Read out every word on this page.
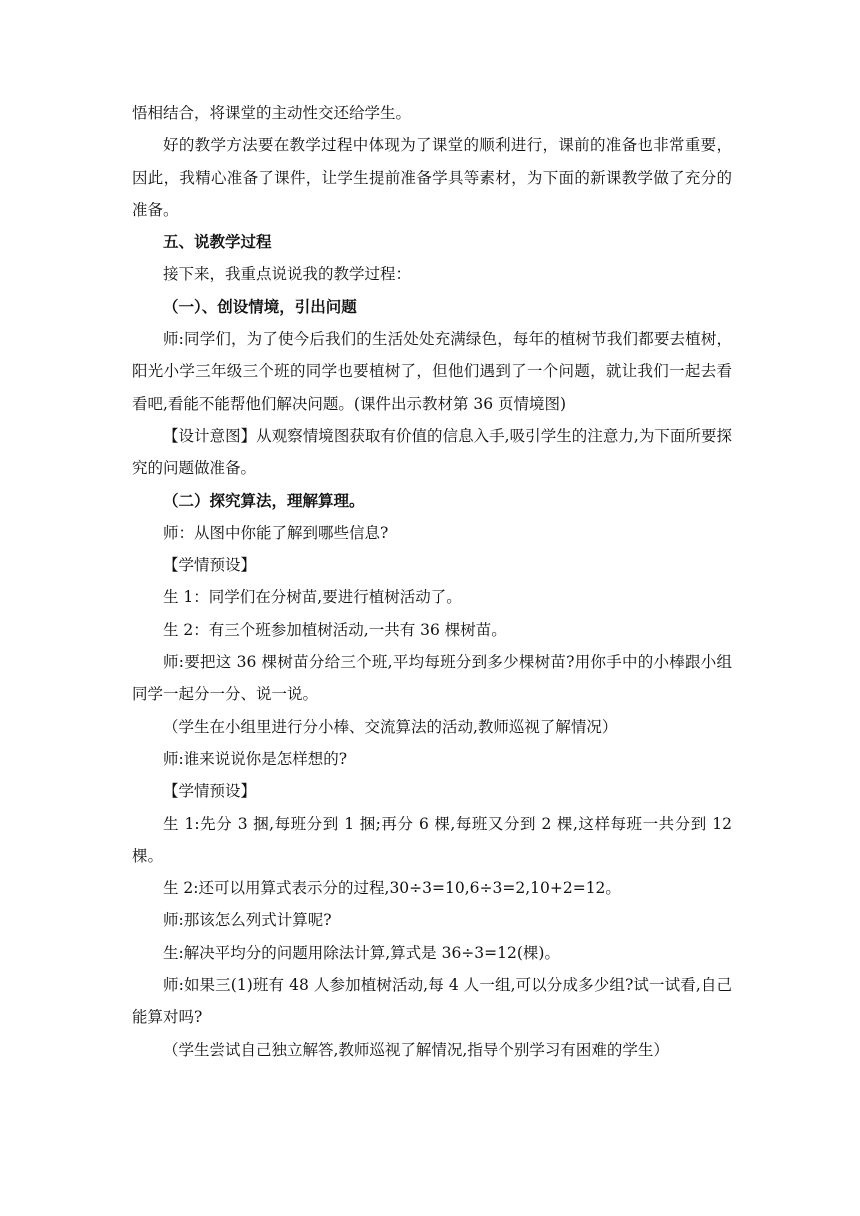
悟相结合，将课堂的主动性交还给学生。

好的教学方法要在教学过程中体现为了课堂的顺利进行，课前的准备也非常重要，因此，我精心准备了课件，让学生提前准备学具等素材，为下面的新课教学做了充分的准备。

五、说教学过程

接下来，我重点说说我的教学过程：

（一）、创设情境，引出问题

师:同学们，为了使今后我们的生活处处充满绿色，每年的植树节我们都要去植树，阳光小学三年级三个班的同学也要植树了，但他们遇到了一个问题，就让我们一起去看看吧,看能不能帮他们解决问题。(课件出示教材第 36 页情境图)

【设计意图】从观察情境图获取有价值的信息入手,吸引学生的注意力,为下面所要探究的问题做准备。

（二）探究算法，理解算理。

师：从图中你能了解到哪些信息?

【学情预设】

生 1：同学们在分树苗,要进行植树活动了。

生 2：有三个班参加植树活动,一共有 36 棵树苗。

师:要把这 36 棵树苗分给三个班,平均每班分到多少棵树苗?用你手中的小棒跟小组同学一起分一分、说一说。

（学生在小组里进行分小棒、交流算法的活动,教师巡视了解情况）

师:谁来说说你是怎样想的?

【学情预设】

生 1:先分 3 捆,每班分到 1 捆;再分 6 棵,每班又分到 2 棵,这样每班一共分到 12 棵。

生 2:还可以用算式表示分的过程,30÷3=10,6÷3=2,10+2=12。

师:那该怎么列式计算呢?

生:解决平均分的问题用除法计算,算式是 36÷3=12(棵)。

师:如果三(1)班有 48 人参加植树活动,每 4 人一组,可以分成多少组?试一试看,自己能算对吗?

（学生尝试自己独立解答,教师巡视了解情况,指导个别学习有困难的学生）
